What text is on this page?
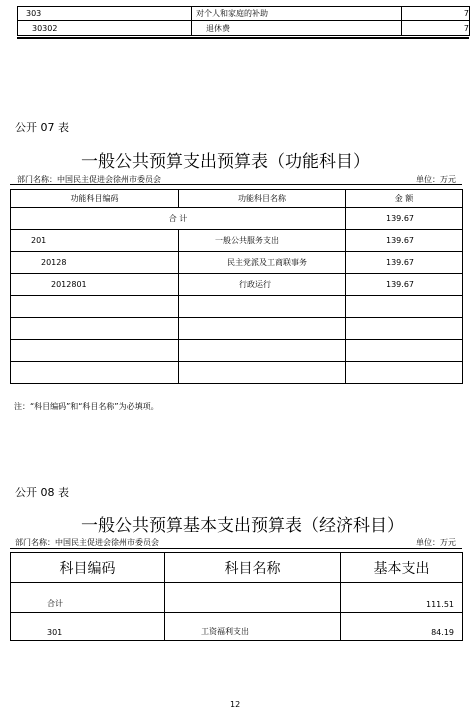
303	对个人和家庭的补助	7
30302	退休费	7
公开 07 表
一般公共预算支出预算表（功能科目）
部门名称：中国民主促进会徐州市委员会	单位：万元
功能科目编码	功能科目名称	金 额
合 计		139.67
201	一般公共服务支出	139.67
20128	民主党派及工商联事务	139.67
2012801	行政运行	139.67

注：“科目编码”和“科目名称”为必填项。
公开 08 表
一般公共预算基本支出预算表（经济科目）
部门名称：中国民主促进会徐州市委员会	单位：万元
科目编码	科目名称	基本支出
合计		111.51
301	工资福利支出	84.19
12
